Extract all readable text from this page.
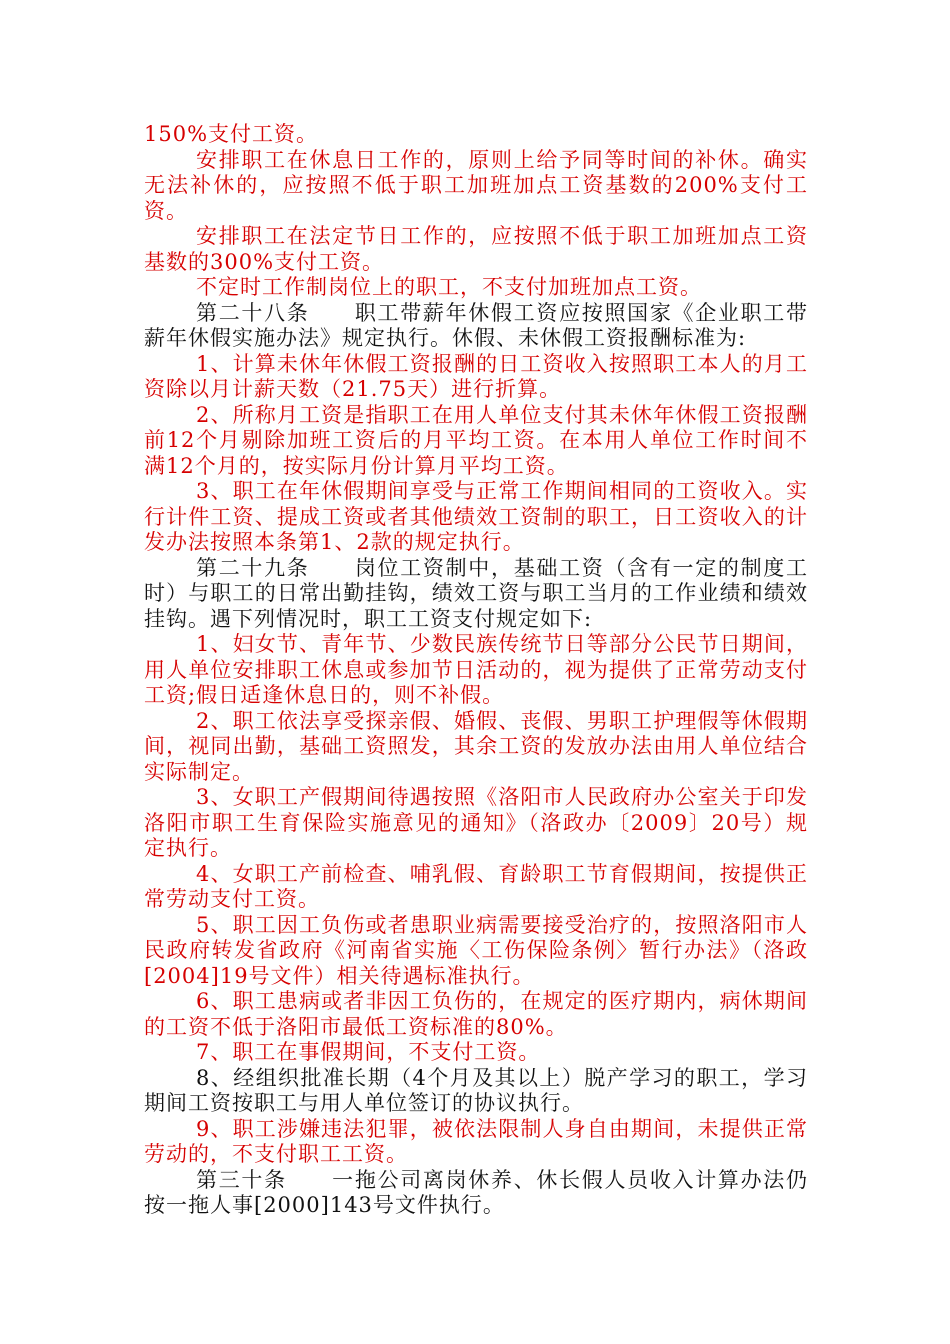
150%支付工资。

安排职工在休息日工作的，原则上给予同等时间的补休。确实无法补休的，应按照不低于职工加班加点工资基数的200%支付工资。

安排职工在法定节日工作的，应按照不低于职工加班加点工资基数的300%支付工资。

不定时工作制岗位上的职工，不支付加班加点工资。

第二十八条　　职工带薪年休假工资应按照国家《企业职工带薪年休假实施办法》规定执行。休假、未休假工资报酬标准为:

1、计算未休年休假工资报酬的日工资收入按照职工本人的月工资除以月计薪天数（21.75天）进行折算。

2、所称月工资是指职工在用人单位支付其未休年休假工资报酬前12个月剔除加班工资后的月平均工资。在本用人单位工作时间不满12个月的，按实际月份计算月平均工资。

3、职工在年休假期间享受与正常工作期间相同的工资收入。实行计件工资、提成工资或者其他绩效工资制的职工，日工资收入的计发办法按照本条第1、2款的规定执行。

第二十九条　　岗位工资制中，基础工资（含有一定的制度工时）与职工的日常出勤挂钩，绩效工资与职工当月的工作业绩和绩效挂钩。遇下列情况时，职工工资支付规定如下:

1、妇女节、青年节、少数民族传统节日等部分公民节日期间，用人单位安排职工休息或参加节日活动的，视为提供了正常劳动支付工资;假日适逢休息日的，则不补假。

2、职工依法享受探亲假、婚假、丧假、男职工护理假等休假期间，视同出勤，基础工资照发，其余工资的发放办法由用人单位结合实际制定。

3、女职工产假期间待遇按照《洛阳市人民政府办公室关于印发洛阳市职工生育保险实施意见的通知》（洛政办〔2009〕20号）规定执行。

4、女职工产前检查、哺乳假、育龄职工节育假期间，按提供正常劳动支付工资。

5、职工因工负伤或者患职业病需要接受治疗的，按照洛阳市人民政府转发省政府《河南省实施〈工伤保险条例〉暂行办法》（洛政[2004]19号文件）相关待遇标准执行。

6、职工患病或者非因工负伤的，在规定的医疗期内，病休期间的工资不低于洛阳市最低工资标准的80%。

7、职工在事假期间，不支付工资。

8、经组织批准长期（4个月及其以上）脱产学习的职工，学习期间工资按职工与用人单位签订的协议执行。

9、职工涉嫌违法犯罪，被依法限制人身自由期间，未提供正常劳动的，不支付职工工资。

第三十条　　一拖公司离岗休养、休长假人员收入计算办法仍按一拖人事[2000]143号文件执行。
